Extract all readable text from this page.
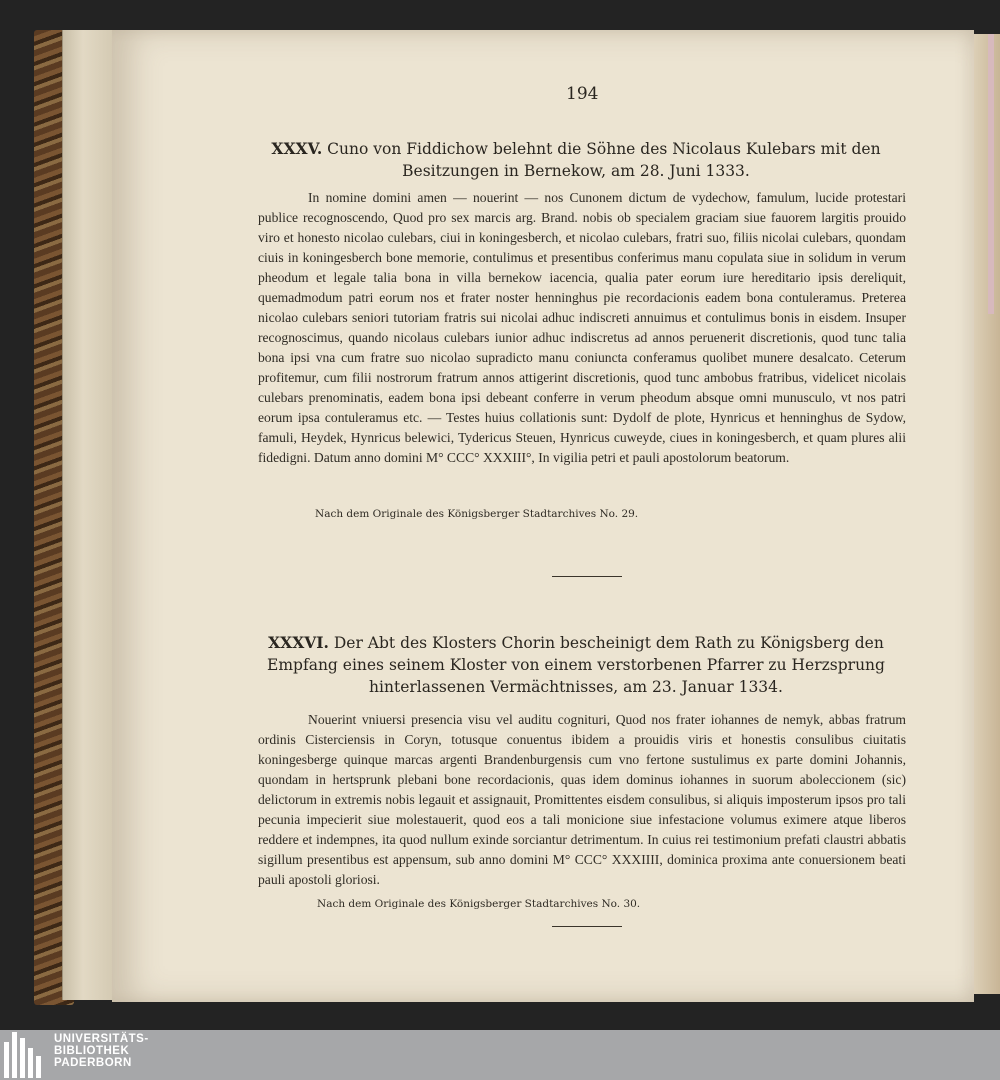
194
XXXV. Cuno von Fiddichow belehnt die Söhne des Nicolaus Kulebars mit den Besitzungen in Bernekow, am 28. Juni 1333.

In nomine domini amen — nouerint — nos Cunonem dictum de vydechow, famulum, lucide protestari publice recognoscendo, Quod pro sex marcis arg. Brand. nobis ob specialem graciam siue fauorem largitis prouido viro et honesto nicolao culebars, ciui in koningesberch, et nicolao culebars, fratri suo, filiis nicolai culebars, quondam ciuis in koningesberch bone memorie, contulimus et presentibus conferimus manu copulata siue in solidum in verum pheodum et legale talia bona in villa bernekow iacencia, qualia pater eorum iure hereditario ipsis dereliquit, quemadmodum patri eorum nos et frater noster henninghus pie recordacionis eadem bona contuleramus. Preterea nicolao culebars seniori tutoriam fratris sui nicolai adhuc indiscreti annuimus et contulimus bonis in eisdem. Insuper recognoscimus, quando nicolaus culebars iunior adhuc indiscretus ad annos peruenerit discretionis, quod tunc talia bona ipsi vna cum fratre suo nicolao supradicto manu coniuncta conferamus quolibet munere desalcato. Ceterum profitemur, cum filii nostrorum fratrum annos attigerint discretionis, quod tunc ambobus fratribus, videlicet nicolais culebars prenominatis, eadem bona ipsi debeant conferre in verum pheodum absque omni munusculo, vt nos patri eorum ipsa contuleramus etc. — Testes huius collationis sunt: Dydolf de plote, Hynricus et henninghus de Sydow, famuli, Heydek, Hynricus belewici, Tydericus Steuen, Hynricus cuweyde, ciues in koningesberch, et quam plures alii fidedigni. Datum anno domini M° CCC° XXXIII°, In vigilia petri et pauli apostolorum beatorum.

Nach dem Originale des Königsberger Stadtarchives No. 29.
XXXVI. Der Abt des Klosters Chorin bescheinigt dem Rath zu Königsberg den Empfang eines seinem Kloster von einem verstorbenen Pfarrer zu Herzsprung hinterlassenen Vermächtnisses, am 23. Januar 1334.

Nouerint vniuersi presencia visu vel auditu cognituri, Quod nos frater iohannes de nemyk, abbas fratrum ordinis Cisterciensis in Coryn, totusque conuentus ibidem a prouidis viris et honestis consulibus ciuitatis koningesberge quinque marcas argenti Brandenburgensis cum vno fertone sustulimus ex parte domini Johannis, quondam in hertsprunk plebani bone recordacionis, quas idem dominus iohannes in suorum aboleccionem (sic) delictorum in extremis nobis legauit et assignauit, Promittentes eisdem consulibus, si aliquis imposterum ipsos pro tali pecunia impecierit siue molestauerit, quod eos a tali monicione siue infestacione volumus eximere atque liberos reddere et indempnes, ita quod nullum exinde sorciantur detrimentum. In cuius rei testimonium prefati claustri abbatis sigillum presentibus est appensum, sub anno domini M° CCC° XXXIIII, dominica proxima ante conuersionem beati pauli apostoli gloriosi.

Nach dem Originale des Königsberger Stadtarchives No. 30.
UNIVERSITÄTS-
BIBLIOTHEK
PADERBORN
